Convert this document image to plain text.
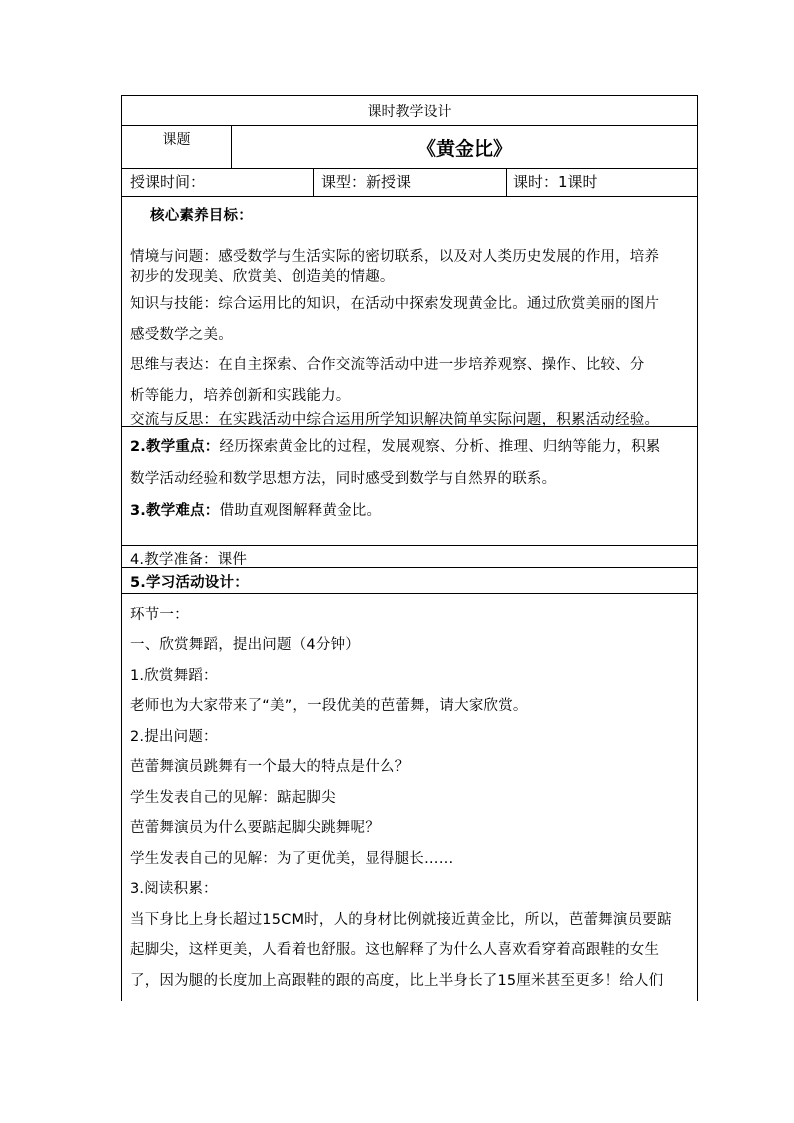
课时教学设计
课题	《黄金比》
授课时间：	课型：新授课	课时：1课时
核心素养目标：
情境与问题：感受数学与生活实际的密切联系，以及对人类历史发展的作用，培养
初步的发现美、欣赏美、创造美的情趣。
知识与技能：综合运用比的知识，在活动中探索发现黄金比。通过欣赏美丽的图片
感受数学之美。
思维与表达：在自主探索、合作交流等活动中进一步培养观察、操作、比较、分
析等能力，培养创新和实践能力。
交流与反思：在实践活动中综合运用所学知识解决简单实际问题，积累活动经验。
2.教学重点：经历探索黄金比的过程，发展观察、分析、推理、归纳等能力，积累
数学活动经验和数学思想方法，同时感受到数学与自然界的联系。
3.教学难点：借助直观图解释黄金比。
4.教学准备：课件
5.学习活动设计：
环节一：
一、欣赏舞蹈，提出问题（4分钟）
1.欣赏舞蹈：
老师也为大家带来了“美”，一段优美的芭蕾舞，请大家欣赏。
2.提出问题：
芭蕾舞演员跳舞有一个最大的特点是什么？
学生发表自己的见解：踮起脚尖
芭蕾舞演员为什么要踮起脚尖跳舞呢？
学生发表自己的见解：为了更优美，显得腿长……
3.阅读积累：
当下身比上身长超过15CM时，人的身材比例就接近黄金比，所以，芭蕾舞演员要踮
起脚尖，这样更美，人看着也舒服。这也解释了为什么人喜欢看穿着高跟鞋的女生
了，因为腿的长度加上高跟鞋的跟的高度，比上半身长了15厘米甚至更多！给人们
